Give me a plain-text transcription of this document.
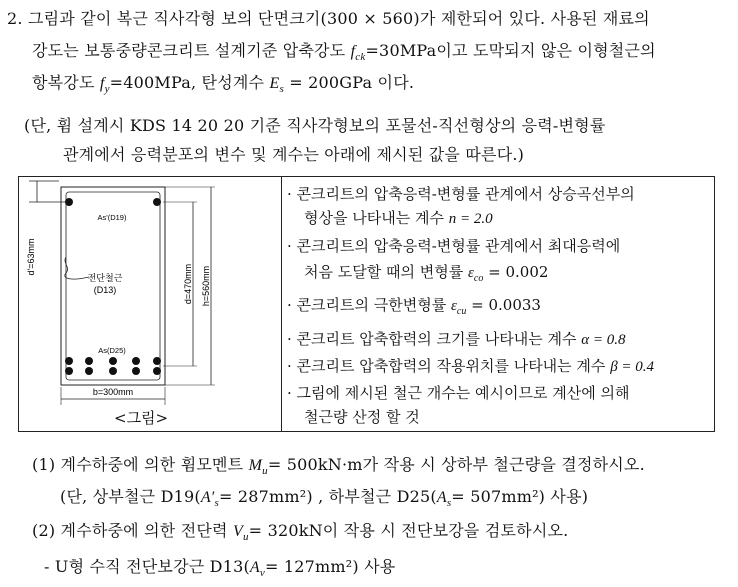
2. 그림과 같이 복근 직사각형 보의 단면크기(300 × 560)가 제한되어 있다. 사용된 재료의
강도는 보통중량콘크리트 설계기준 압축강도 $f_{ck}=30MPa$이고 도막되지 않은 이형철근의
항복강도 $f_y=400MPa$, 탄성계수 $E_s = 200GPa$ 이다.
(단, 휨 설계시 KDS 14 20 20 기준 직사각형보의 포물선-직선형상의 응력-변형률
관계에서 응력분포의 변수 및 계수는 아래에 제시된 값을 따른다.)
d'=63mm
d=470mm h=560mm
b=300mm
As'(D19)
As(D25)
전단철근
(D13)
<그림>
· 콘크리트의 압축응력-변형률 관계에서 상승곡선부의
형상을 나타내는 계수 n = 2.0
· 콘크리트의 압축응력-변형률 관계에서 최대응력에
처음 도달할 때의 변형률 $\varepsilon_{co} = 0.002$
· 콘크리트의 극한변형률 $\varepsilon_{cu} = 0.0033$
· 콘크리트 압축합력의 크기를 나타내는 계수 α = 0.8
· 콘크리트 압축합력의 작용위치를 나타내는 계수 β = 0.4
· 그림에 제시된 철근 개수는 예시이므로 계산에 의해
철근량 산정 할 것
(1) 계수하중에 의한 휨모멘트 $M_u= 500kN\cdot m$가 작용 시 상하부 철근량을 결정하시오.
(단, 상부철근 $D19(A'_s= 287mm^2)$ , 하부철근 $D25(A_s= 507mm^2)$ 사용)
(2) 계수하중에 의한 전단력 $V_u= 320kN$이 작용 시 전단보강을 검토하시오.
- U형 수직 전단보강근 $D13(A_v= 127mm^2)$ 사용
